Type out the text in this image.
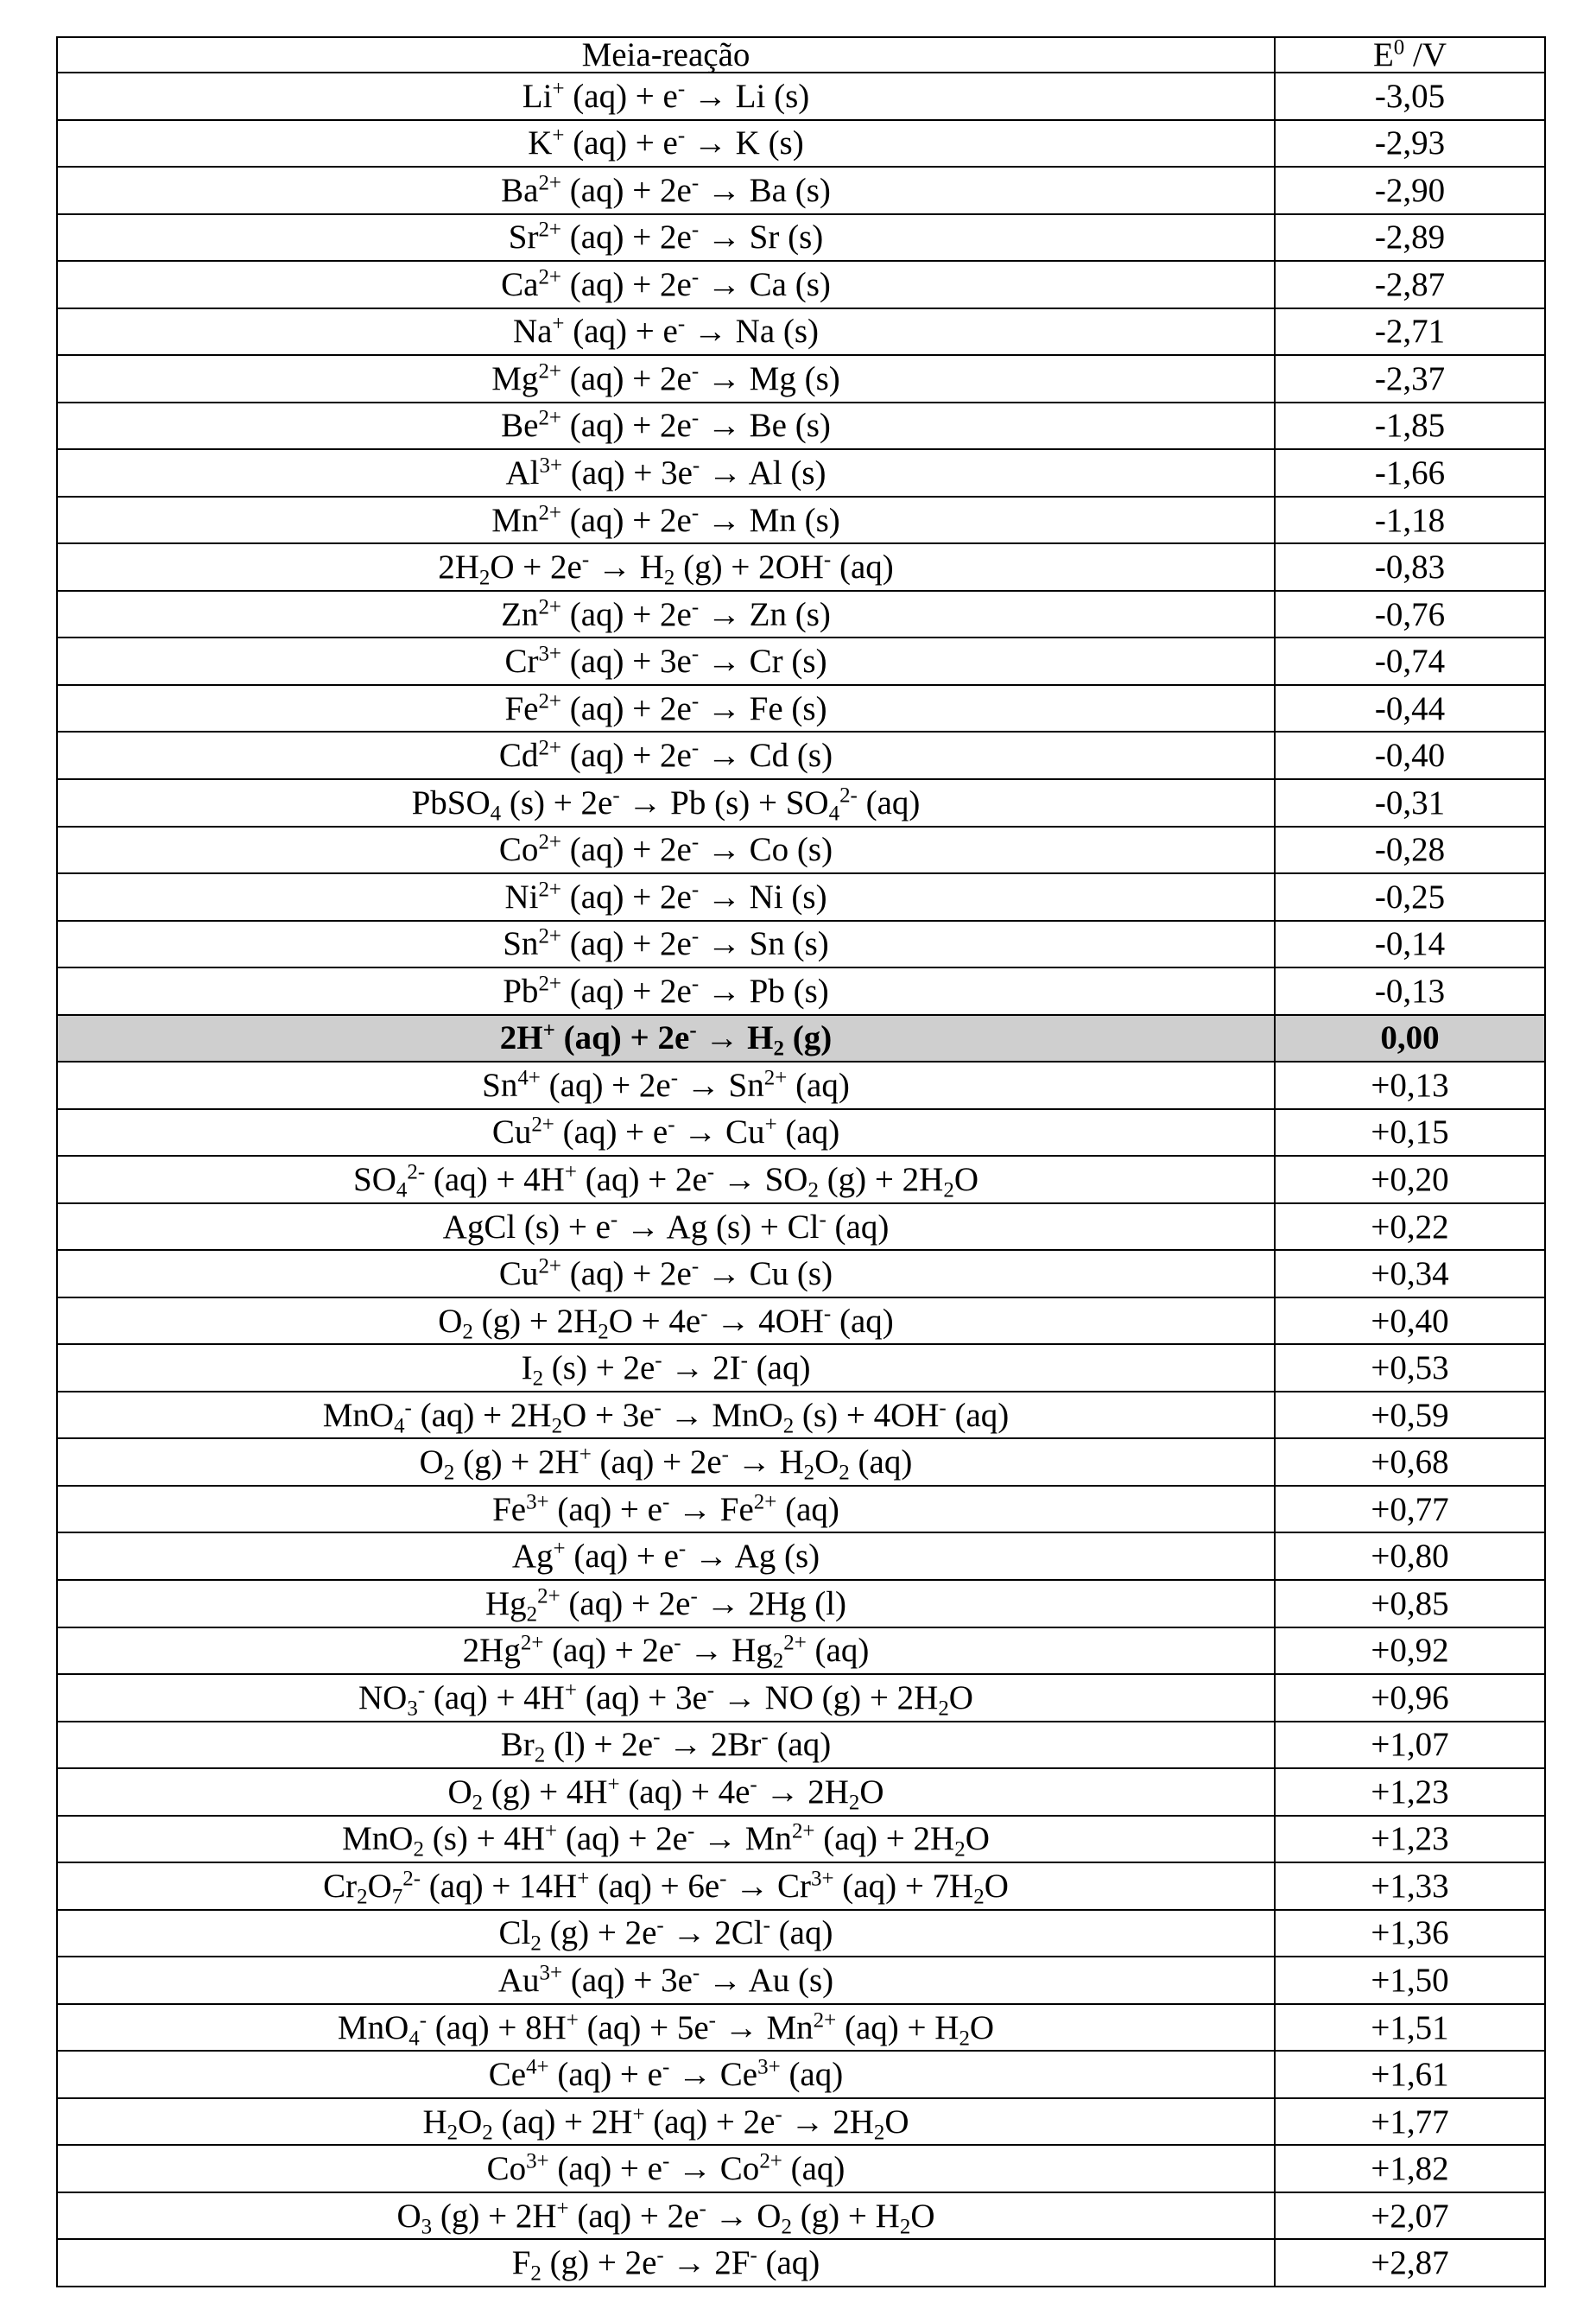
Meia-reação	$E^0$ /V
Li+ (aq) + e- → Li (s)	-3,05
K+ (aq) + e- → K (s)	-2,93
$Ba^{2+}$ (aq) + 2e- → Ba (s)	-2,90
$Sr^{2+}$ (aq) + 2e- → Sr (s)	-2,89
$Ca^{2+}$ (aq) + 2e- → Ca (s)	-2,87
Na+ (aq) + e- → Na (s)	-2,71
$Mg^{2+}$ (aq) + 2e- → Mg (s)	-2,37
$Be^{2+}$ (aq) + 2e- → Be (s)	-1,85
$Al^{3+}$ (aq) + 3e- → Al (s)	-1,66
$Mn^{2+}$ (aq) + 2e- → Mn (s)	-1,18
$2H_2O + 2e^- \to H_2$ (g) + 2OH- (aq)	-0,83
$Zn^{2+}$ (aq) + 2e- → Zn (s)	-0,76
$Cr^{3+}$ (aq) + 3e- → Cr (s)	-0,74
$Fe^{2+}$ (aq) + 2e- → Fe (s)	-0,44
$Cd^{2+}$ (aq) + 2e- → Cd (s)	-0,40
PbSO$_4$ (s) + 2e- → Pb $(s) + SO_4^{2-}$ (aq)	-0,31
$Co^{2+}$ (aq) + 2e- → Co (s)	-0,28
$Ni^{2+}$ (aq) + 2e- → Ni (s)	-0,25
$Sn^{2+}$ (aq) + 2e- → Sn (s)	-0,14
$Pb^{2+}$ (aq) + 2e- → Pb (s)	-0,13
2H+ $(aq) + 2e^- \to H_2$ (g)	0,00
$Sn^{4+}$ $(aq) + 2e^- \to Sn^{2+}$ (aq)	+0,13
$Cu^{2+}$ (aq) + e- → Cu+ (aq)	+0,15
$SO_4^{2-}$ (aq) + 4H+ $(aq) + 2e^- \to SO_2$ $(g) + 2H_2O$	+0,20
AgCl (s) + e- → Ag (s) + Cl- (aq)	+0,22
$Cu^{2+}$ (aq) + 2e- → Cu (s)	+0,34
$O_2$ $(g) + 2H_2O + 4e^- \to 4OH^-$ (aq)	+0,40
$I_2$ (s) + 2e- → 2I- (aq)	+0,53
MnO$_4$- $(aq) + 2H_2O + 3e^- \to MnO_2$ (s) + 4OH- (aq)	+0,59
$O_2$ (g) + 2H+ $(aq) + 2e^- \to H_2O_2$ (aq)	+0,68
$Fe^{3+}$ $(aq) + e^- \to Fe^{2+}$ (aq)	+0,77
Ag+ (aq) + e- → Ag (s)	+0,80
$Hg_2^{2+}$ (aq) + 2e- → 2Hg (l)	+0,85
$2Hg^{2+}$ $(aq) + 2e^- \to Hg_2^{2+}$ (aq)	+0,92
$NO_3^-$ (aq) + 4H+ (aq) + 3e- → NO $(g) + 2H_2O$	+0,96
$Br_2$ (l) + 2e- → 2Br- (aq)	+1,07
$O_2$ (g) + 4H+ $(aq) + 4e^- \to 2H_2O$	+1,23
MnO$_2$ (s) + 4H+ $(aq) + 2e^- \to Mn^{2+}$ $(aq) + 2H_2O$	+1,23
$Cr_2O_7^{2-}$ (aq) + 14H+ $(aq) + 6e^- \to Cr^{3+}$ $(aq) + 7H_2O$	+1,33
$Cl_2$ (g) + 2e- → 2Cl- (aq)	+1,36
$Au^{3+}$ (aq) + 3e- → Au (s)	+1,50
MnO$_4$- (aq) + 8H+ $(aq) + 5e^- \to Mn^{2+}$ $(aq) + H_2O$	+1,51
$Ce^{4+}$ $(aq) + e^- \to Ce^{3+}$ (aq)	+1,61
$H_2O_2$ (aq) + 2H+ $(aq) + 2e^- \to 2H_2O$	+1,77
$Co^{3+}$ $(aq) + e^- \to Co^{2+}$ (aq)	+1,82
$O_3$ (g) + 2H+ $(aq) + 2e^- \to O_2$ $(g) + H_2O$	+2,07
$F_2$ (g) + 2e- → 2F- (aq)	+2,87
